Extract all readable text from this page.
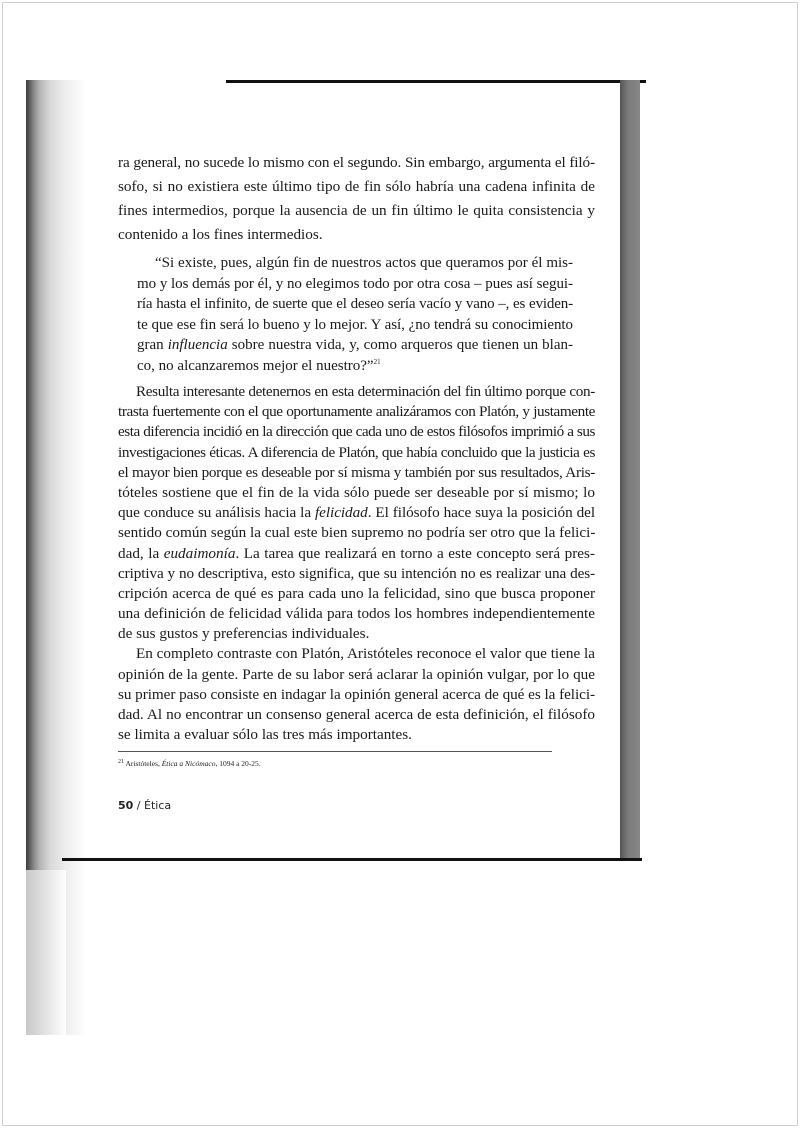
ra general, no sucede lo mismo con el segundo. Sin embargo, argumenta el filó-
sofo, si no existiera este último tipo de fin sólo habría una cadena infinita de
fines intermedios, porque la ausencia de un fin último le quita consistencia y
contenido a los fines intermedios.
“Si existe, pues, algún fin de nuestros actos que queramos por él mis-
mo y los demás por él, y no elegimos todo por otra cosa – pues así segui-
ría hasta el infinito, de suerte que el deseo sería vacío y vano –, es eviden-
te que ese fin será lo bueno y lo mejor. Y así, ¿no tendrá su conocimiento
gran influencia sobre nuestra vida, y, como arqueros que tienen un blan-
co, no alcanzaremos mejor el nuestro?”$^{21}$
Resulta interesante detenernos en esta determinación del fin último porque con-
trasta fuertemente con el que oportunamente analizáramos con Platón, y justamente
esta diferencia incidió en la dirección que cada uno de estos filósofos imprimió a sus
investigaciones éticas. A diferencia de Platón, que había concluido que la justicia es
el mayor bien porque es deseable por sí misma y también por sus resultados, Aris-
tóteles sostiene que el fin de la vida sólo puede ser deseable por sí mismo; lo
que conduce su análisis hacia la felicidad. El filósofo hace suya la posición del
sentido común según la cual este bien supremo no podría ser otro que la felici-
dad, la eudaimonía. La tarea que realizará en torno a este concepto será pres-
criptiva y no descriptiva, esto significa, que su intención no es realizar una des-
cripción acerca de qué es para cada uno la felicidad, sino que busca proponer
una definición de felicidad válida para todos los hombres independientemente
de sus gustos y preferencias individuales.
En completo contraste con Platón, Aristóteles reconoce el valor que tiene la
opinión de la gente. Parte de su labor será aclarar la opinión vulgar, por lo que
su primer paso consiste en indagar la opinión general acerca de qué es la felici-
dad. Al no encontrar un consenso general acerca de esta definición, el filósofo
se limita a evaluar sólo las tres más importantes.
$^{21}$ Aristóteles, Ética a Nicómaco, 1094 a 20-25.
50 / Ética
